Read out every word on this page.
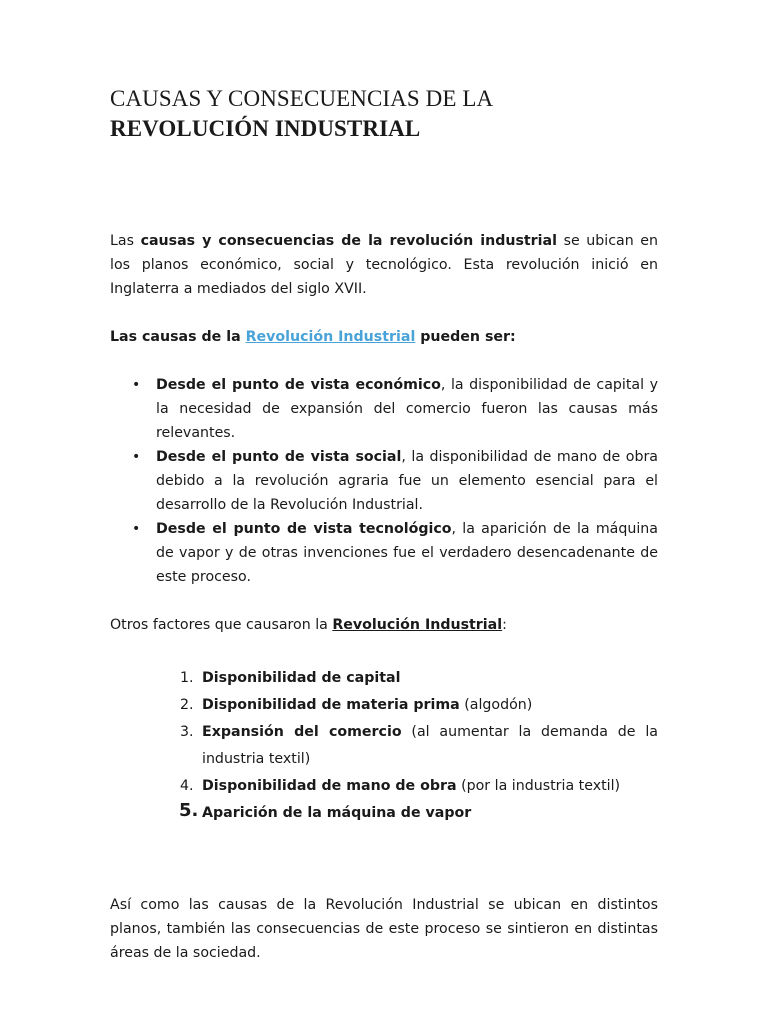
CAUSAS Y CONSECUENCIAS DE LA
REVOLUCIÓN INDUSTRIAL

Las causas y consecuencias de la revolución industrial se ubican en los planos económico, social y tecnológico. Esta revolución inició en Inglaterra a mediados del siglo XVII.

Las causas de la Revolución Industrial pueden ser:

• Desde el punto de vista económico, la disponibilidad de capital y la necesidad de expansión del comercio fueron las causas más relevantes.
• Desde el punto de vista social, la disponibilidad de mano de obra debido a la revolución agraria fue un elemento esencial para el desarrollo de la Revolución Industrial.
• Desde el punto de vista tecnológico, la aparición de la máquina de vapor y de otras invenciones fue el verdadero desencadenante de este proceso.

Otros factores que causaron la Revolución Industrial:

1. Disponibilidad de capital
2. Disponibilidad de materia prima (algodón)
3. Expansión del comercio (al aumentar la demanda de la industria textil)
4. Disponibilidad de mano de obra (por la industria textil)
5. Aparición de la máquina de vapor

Así como las causas de la Revolución Industrial se ubican en distintos planos, también las consecuencias de este proceso se sintieron en distintas áreas de la sociedad.
